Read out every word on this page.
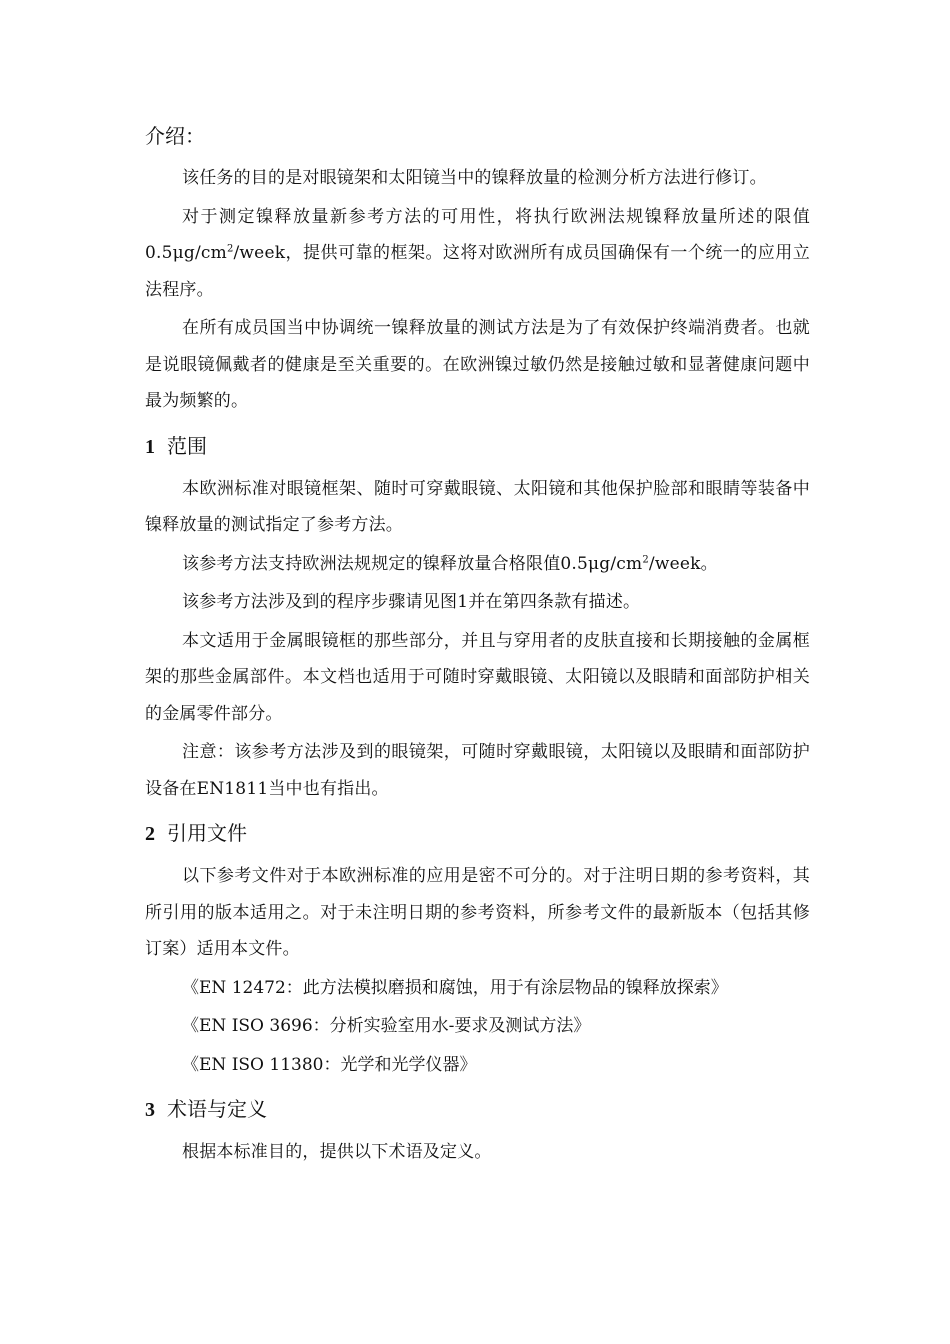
介绍：

该任务的目的是对眼镜架和太阳镜当中的镍释放量的检测分析方法进行修订。

对于测定镍释放量新参考方法的可用性，将执行欧洲法规镍释放量所述的限值$0.5\mu g/cm^2$/week，提供可靠的框架。这将对欧洲所有成员国确保有一个统一的应用立法程序。

在所有成员国当中协调统一镍释放量的测试方法是为了有效保护终端消费者。也就是说眼镜佩戴者的健康是至关重要的。在欧洲镍过敏仍然是接触过敏和显著健康问题中最为频繁的。

1 范围

本欧洲标准对眼镜框架、随时可穿戴眼镜、太阳镜和其他保护脸部和眼睛等装备中镍释放量的测试指定了参考方法。

该参考方法支持欧洲法规规定的镍释放量合格限值$0.5\mu g/cm^2$/week。

该参考方法涉及到的程序步骤请见图1并在第四条款有描述。

本文适用于金属眼镜框的那些部分，并且与穿用者的皮肤直接和长期接触的金属框架的那些金属部件。本文档也适用于可随时穿戴眼镜、太阳镜以及眼睛和面部防护相关的金属零件部分。

注意：该参考方法涉及到的眼镜架，可随时穿戴眼镜，太阳镜以及眼睛和面部防护设备在EN1811当中也有指出。

2 引用文件

以下参考文件对于本欧洲标准的应用是密不可分的。对于注明日期的参考资料，其所引用的版本适用之。对于未注明日期的参考资料，所参考文件的最新版本（包括其修订案）适用本文件。

《EN 12472：此方法模拟磨损和腐蚀，用于有涂层物品的镍释放探索》

《EN ISO 3696：分析实验室用水-要求及测试方法》

《EN ISO 11380：光学和光学仪器》

3 术语与定义

根据本标准目的，提供以下术语及定义。
